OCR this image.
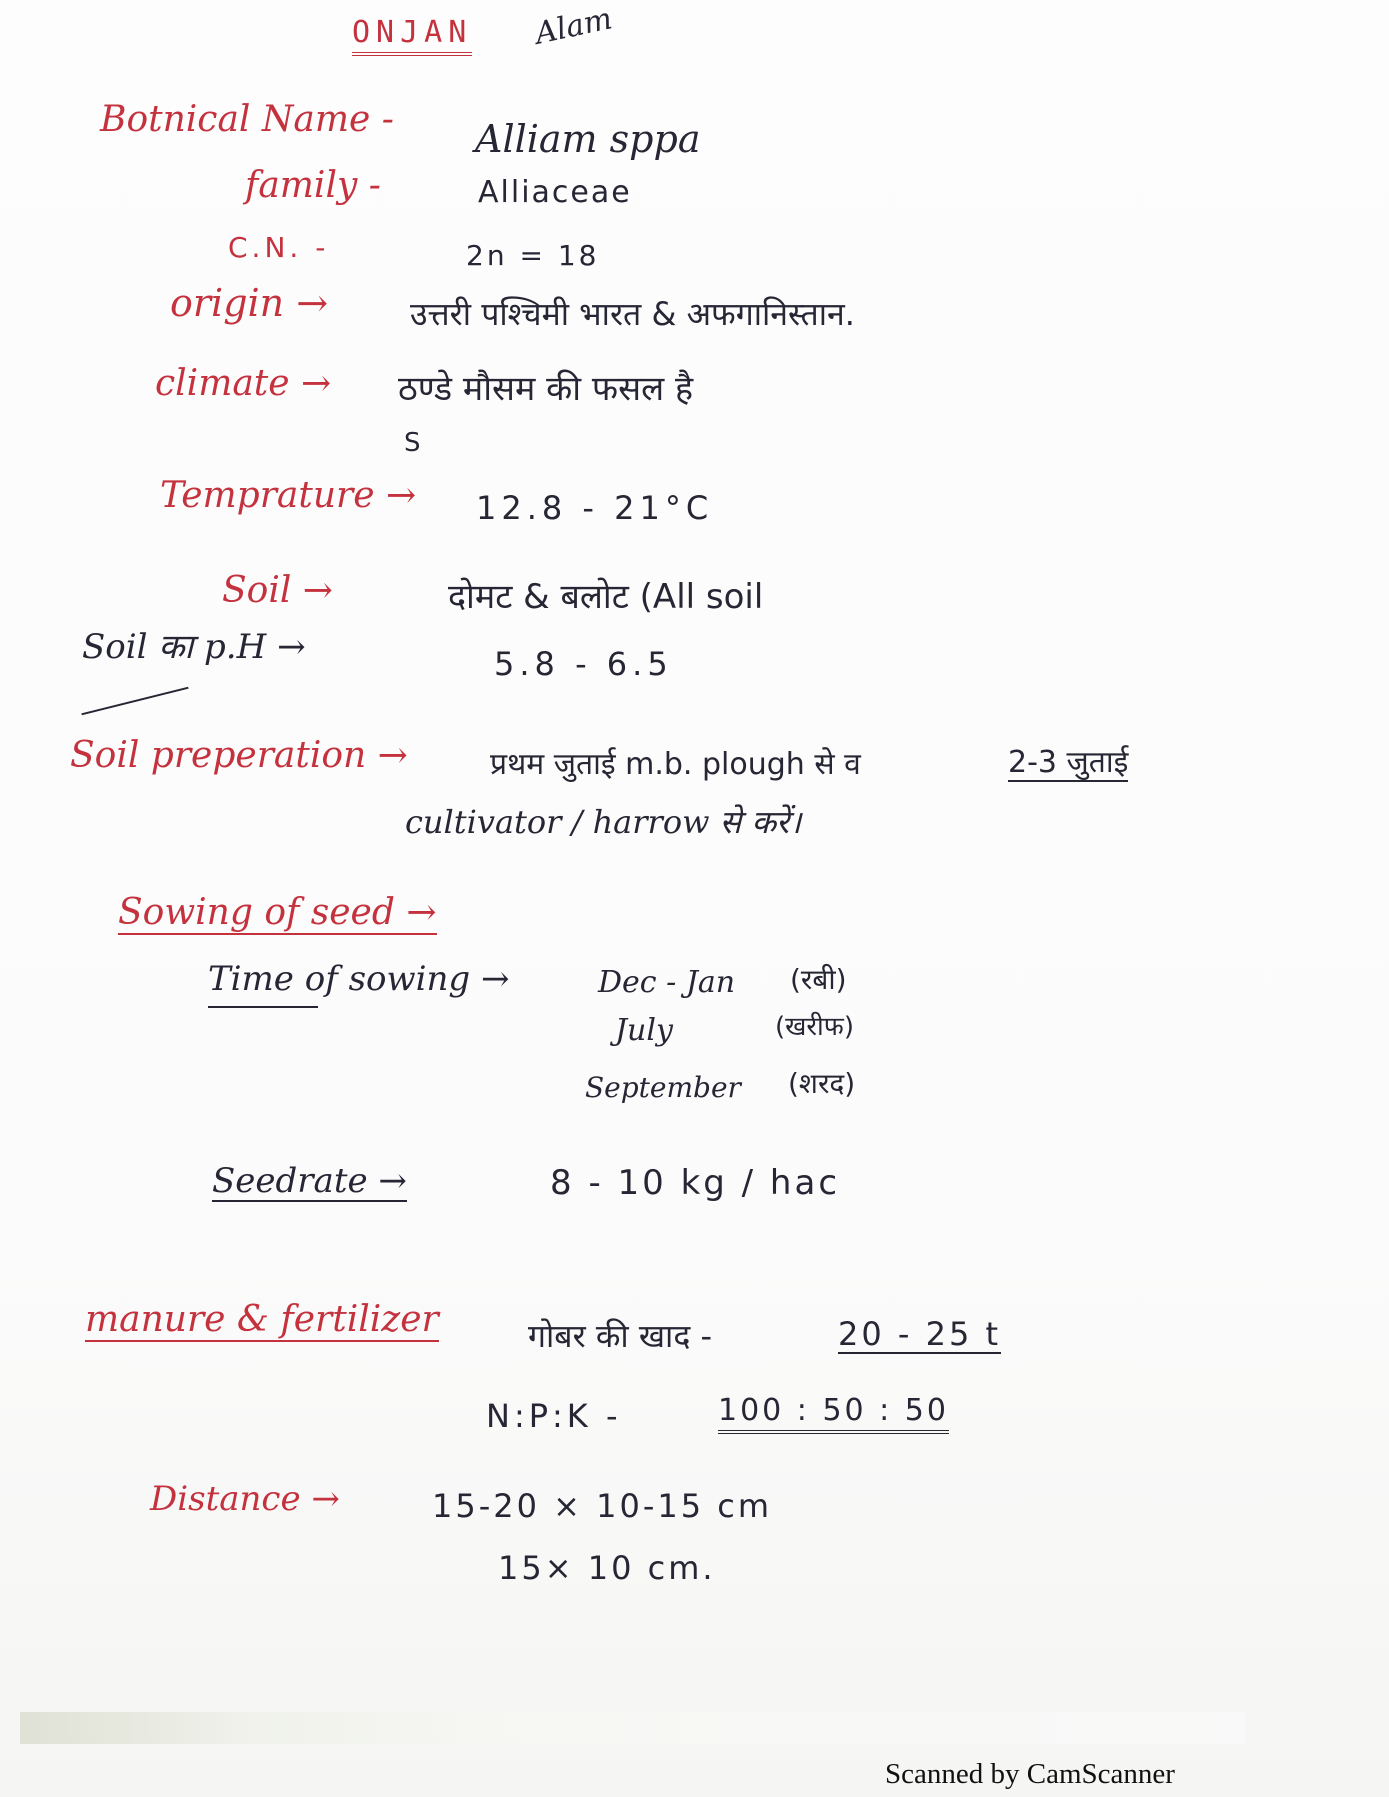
ONJAN Alam
Botnical Name - Alliam sppa
family -	Alliaceae
C.N. -	2n = 18
origin →	उत्तरी पश्चिमी भारत & अफगानिस्तान.
climate → ठण्डे मौसम की फसल है
S
Temprature → 12.8 - 21°C
Soil →	दोमट & बलोट (All soil
Soil का p.H →	5.8 - 6.5
Soil preperation →	प्रथम जुताई m.b. plough से व	2-3 जुताई
cultivator / harrow से करें।
Sowing of seed →
Time of sowing →	Dec - Jan (रबी)
July	(खरीफ)
September (शरद)
Seedrate →	8 - 10 kg / hac
manure & fertilizer	गोबर की खाद -	20 - 25 t
N:P:K -	100 : 50 : 50
Distance →	15-20 × 10-15 cm
15× 10 cm.
Scanned by CamScanner
